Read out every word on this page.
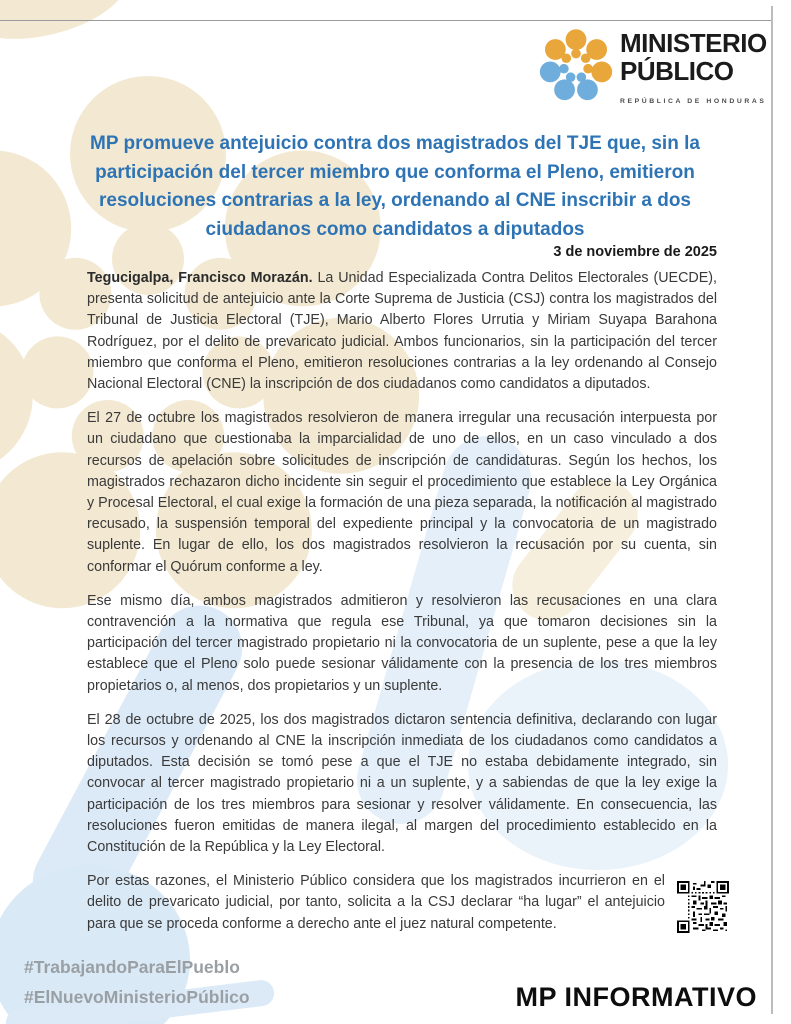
MINISTERIO
PÚBLICO
REPÚBLICA DE HONDURAS
MP promueve antejuicio contra dos magistrados del TJE que, sin la participación del tercer miembro que conforma el Pleno, emitieron resoluciones contrarias a la ley, ordenando al CNE inscribir a dos ciudadanos como candidatos a diputados
3 de noviembre de 2025

Tegucigalpa, Francisco Morazán. La Unidad Especializada Contra Delitos Electorales (UECDE), presenta solicitud de antejuicio ante la Corte Suprema de Justicia (CSJ) contra los magistrados del Tribunal de Justicia Electoral (TJE), Mario Alberto Flores Urrutia y Miriam Suyapa Barahona Rodríguez, por el delito de prevaricato judicial. Ambos funcionarios, sin la participación del tercer miembro que conforma el Pleno, emitieron resoluciones contrarias a la ley ordenando al Consejo Nacional Electoral (CNE) la inscripción de dos ciudadanos como candidatos a diputados.

El 27 de octubre los magistrados resolvieron de manera irregular una recusación interpuesta por un ciudadano que cuestionaba la imparcialidad de uno de ellos, en un caso vinculado a dos recursos de apelación sobre solicitudes de inscripción de candidaturas. Según los hechos, los magistrados rechazaron dicho incidente sin seguir el procedimiento que establece la Ley Orgánica y Procesal Electoral, el cual exige la formación de una pieza separada, la notificación al magistrado recusado, la suspensión temporal del expediente principal y la convocatoria de un magistrado suplente. En lugar de ello, los dos magistrados resolvieron la recusación por su cuenta, sin conformar el Quórum conforme a ley.

Ese mismo día, ambos magistrados admitieron y resolvieron las recusaciones en una clara contravención a la normativa que regula ese Tribunal, ya que tomaron decisiones sin la participación del tercer magistrado propietario ni la convocatoria de un suplente, pese a que la ley establece que el Pleno solo puede sesionar válidamente con la presencia de los tres miembros propietarios o, al menos, dos propietarios y un suplente.

El 28 de octubre de 2025, los dos magistrados dictaron sentencia definitiva, declarando con lugar los recursos y ordenando al CNE la inscripción inmediata de los ciudadanos como candidatos a diputados. Esta decisión se tomó pese a que el TJE no estaba debidamente integrado, sin convocar al tercer magistrado propietario ni a un suplente, y a sabiendas de que la ley exige la participación de los tres miembros para sesionar y resolver válidamente. En consecuencia, las resoluciones fueron emitidas de manera ilegal, al margen del procedimiento establecido en la Constitución de la República y la Ley Electoral.

Por estas razones, el Ministerio Público considera que los magistrados incurrieron en el delito de prevaricato judicial, por tanto, solicita a la CSJ declarar “ha lugar” el antejuicio para que se proceda conforme a derecho ante el juez natural competente.

#TrabajandoParaElPueblo
#ElNuevoMinisterioPúblico	MP INFORMATIVO
